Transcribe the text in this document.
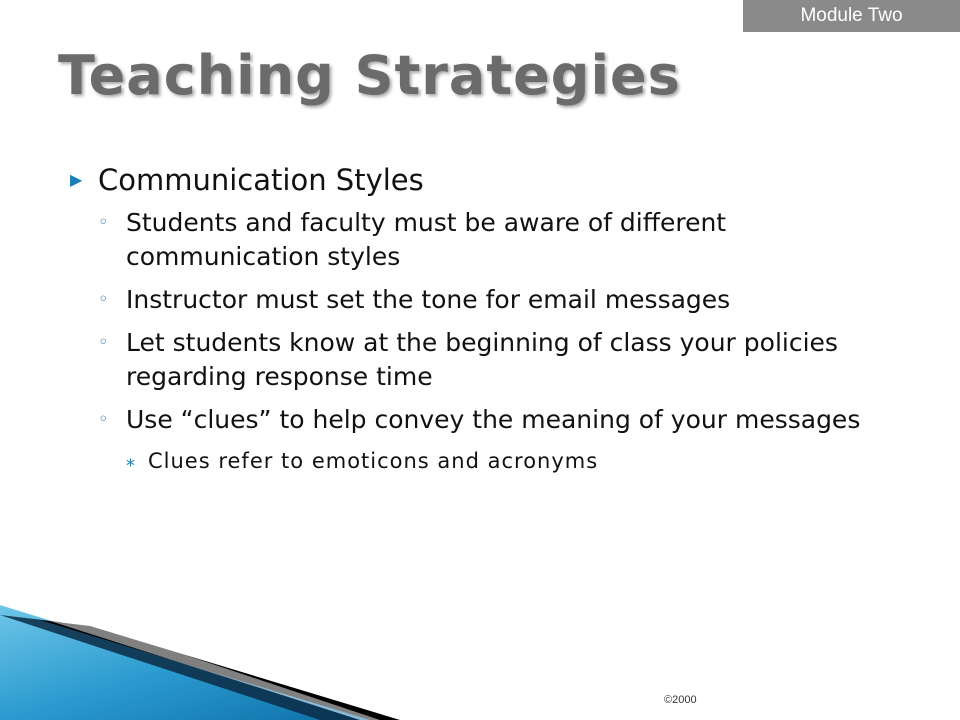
Module Two
Teaching Strategies
▶ Communication Styles
◦ Students and faculty must be aware of different communication styles
◦ Instructor must set the tone for email messages
◦ Let students know at the beginning of class your policies regarding response time
◦ Use “clues” to help convey the meaning of your messages
⁎ Clues refer to emoticons and acronyms
©2000
